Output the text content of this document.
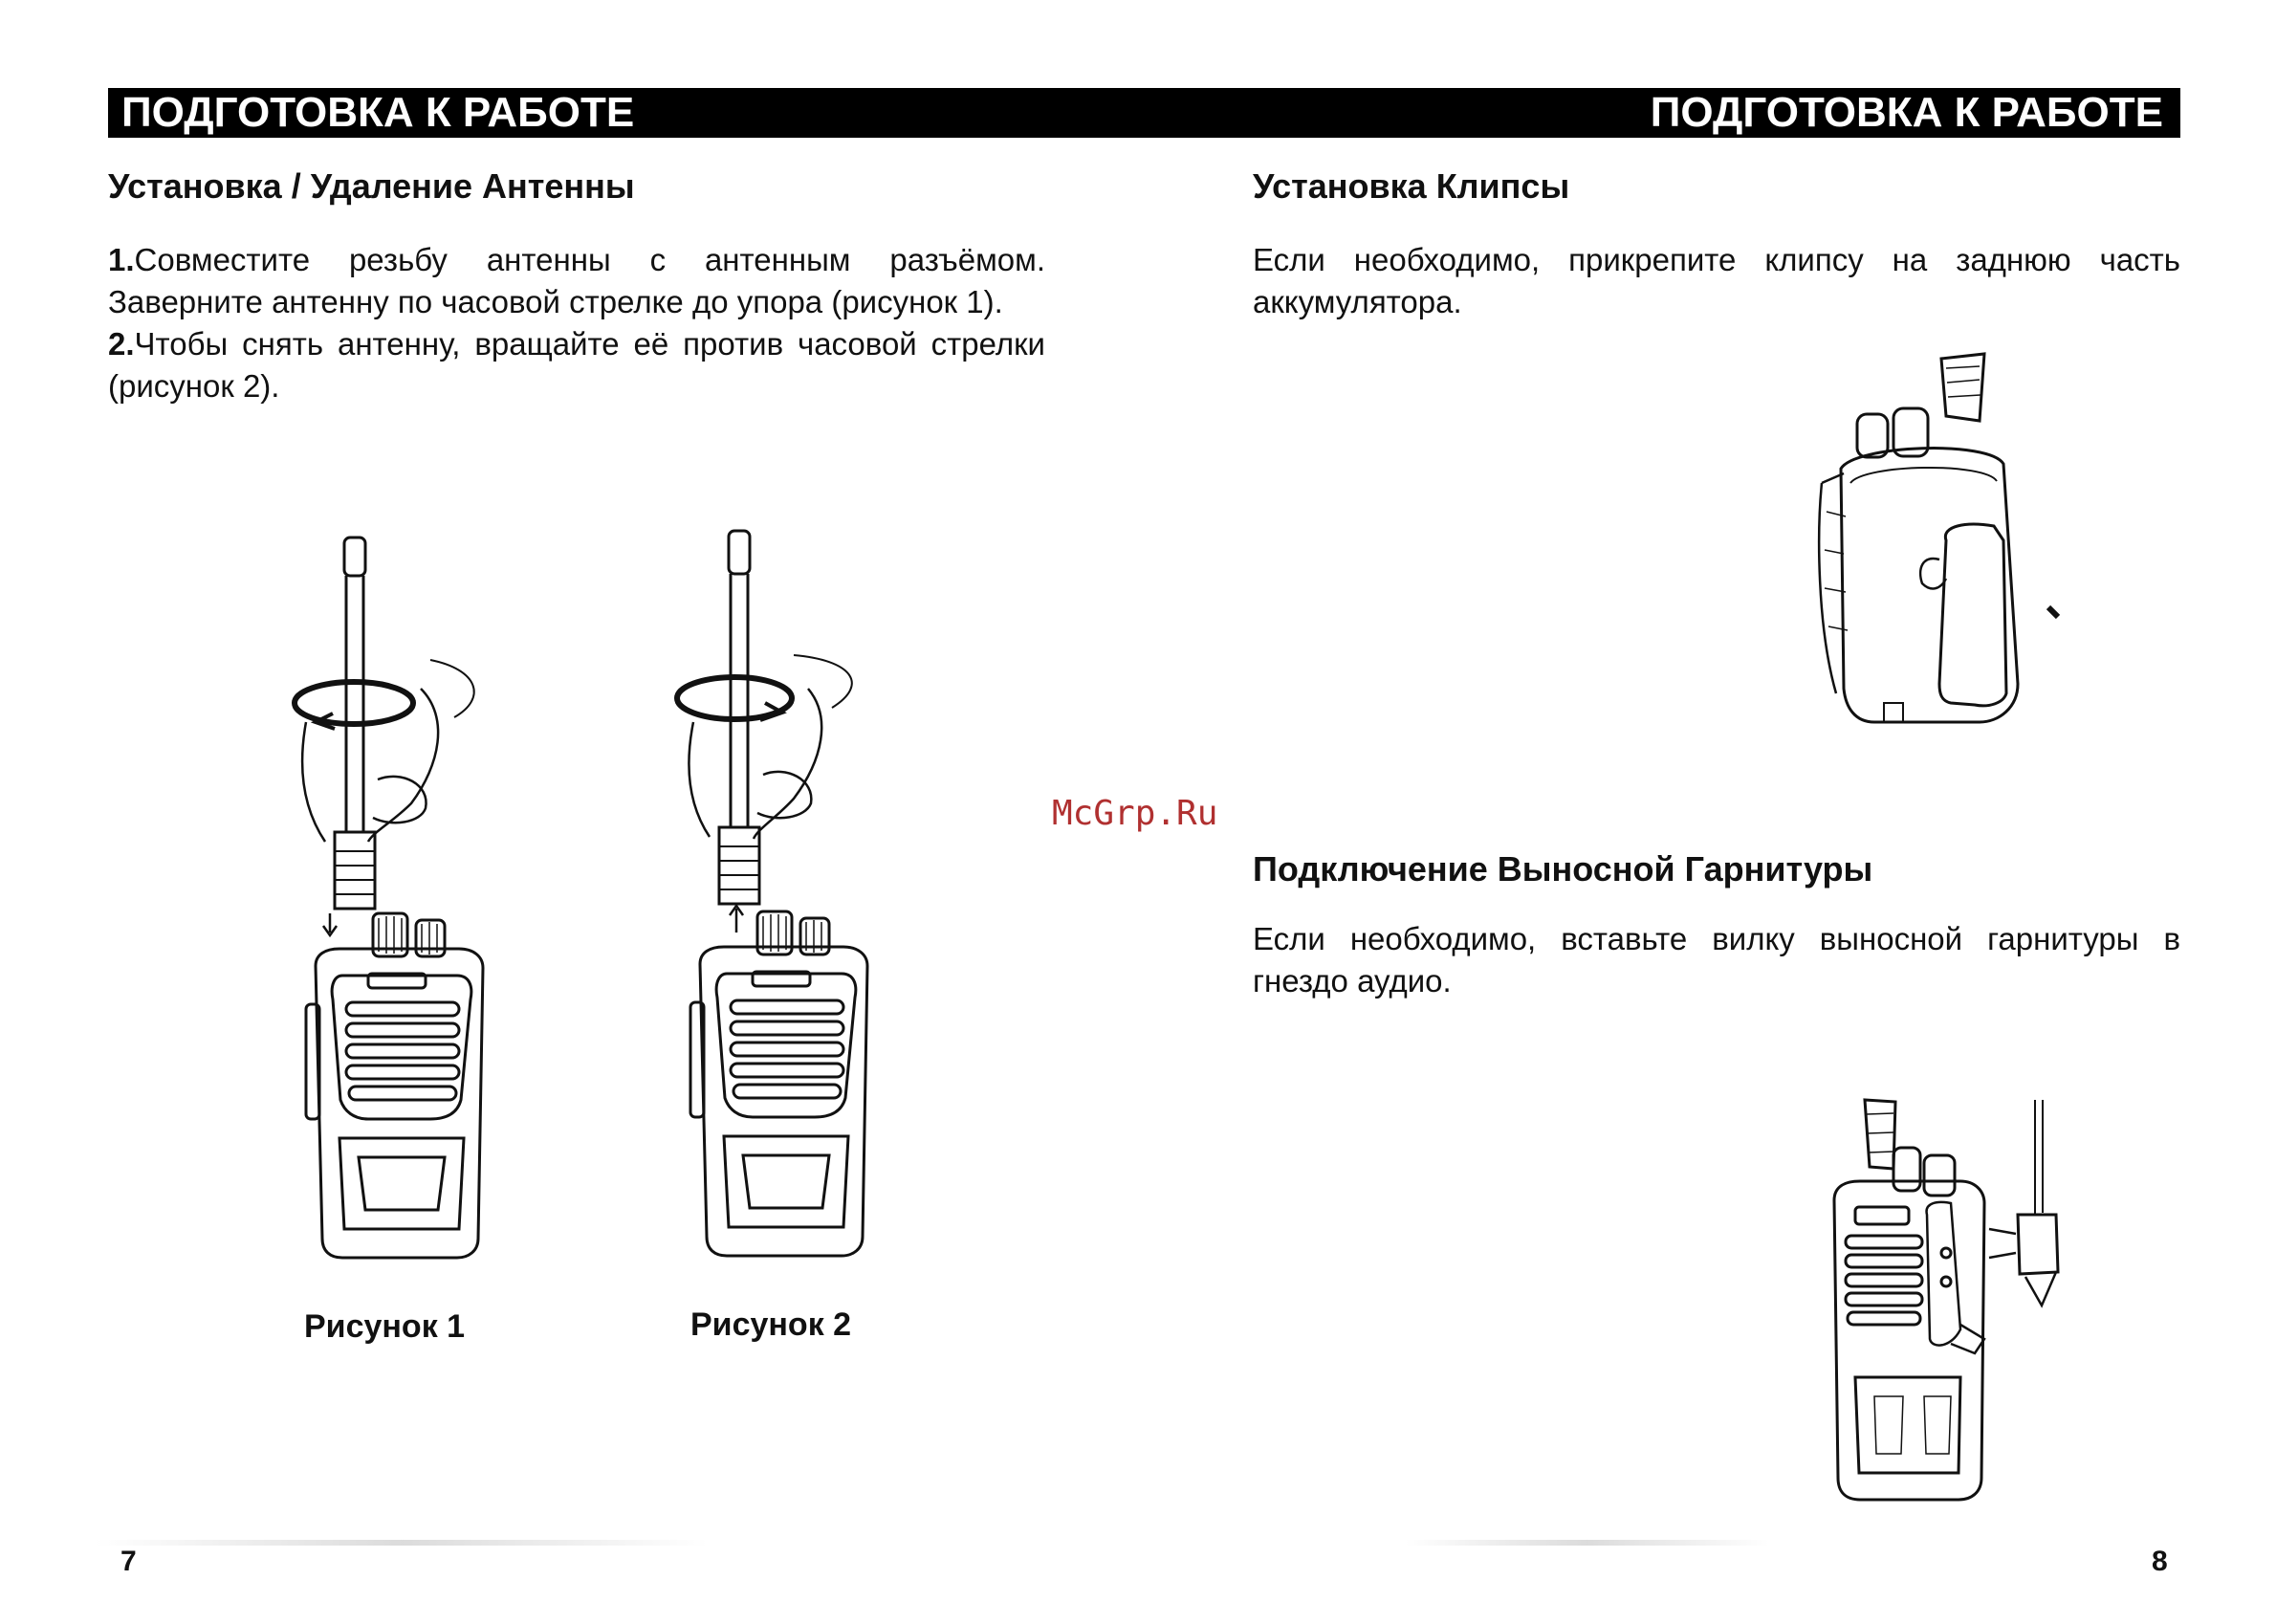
ПОДГОТОВКА К РАБОТЕ	ПОДГОТОВКА К РАБОТЕ
Установка / Удаление Антенны

1.Совместите резьбу антенны с антенным разъёмом. Заверните антенну по часовой стрелке до упора (рисунок 1).

2.Чтобы снять антенну, вращайте её против часовой стрелки (рисунок 2).

Рисунок 1	Рисунок 2
7
McGrp.Ru
Установка Клипсы
Если необходимо, прикрепите клипсу на заднюю часть аккумулятора.
Подключение Выносной Гарнитуры
Если необходимо, вставьте вилку выносной гарнитуры в гнездо аудио.
8
